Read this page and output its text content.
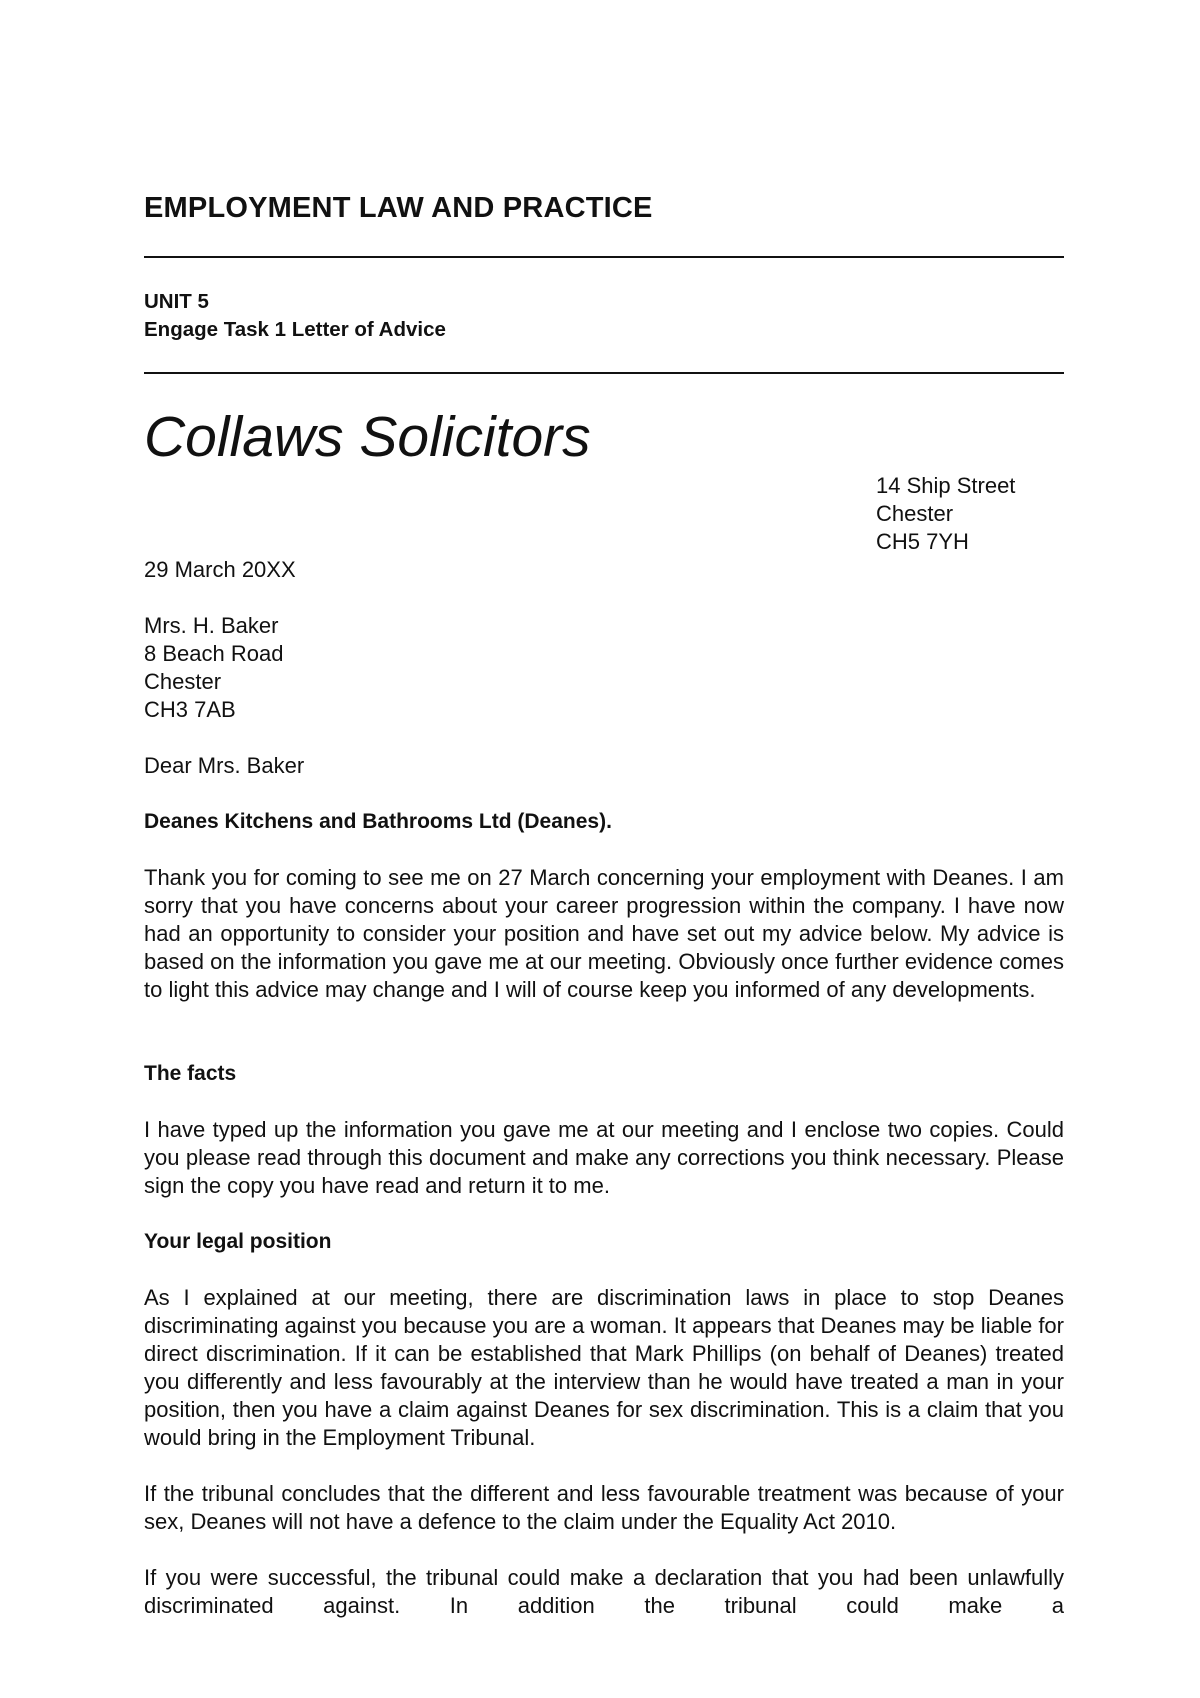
EMPLOYMENT LAW AND PRACTICE
UNIT 5
Engage Task 1 Letter of Advice
Collaws Solicitors
14 Ship Street
Chester
CH5 7YH
29 March 20XX
Mrs. H. Baker
8 Beach Road
Chester
CH3 7AB
Dear Mrs. Baker
Deanes Kitchens and Bathrooms Ltd (Deanes).
Thank you for coming to see me on 27 March concerning your employment with Deanes. I am sorry that you have concerns about your career progression within the company. I have now had an opportunity to consider your position and have set out my advice below. My advice is based on the information you gave me at our meeting. Obviously once further evidence comes to light this advice may change and I will of course keep you informed of any developments.
The facts
I have typed up the information you gave me at our meeting and I enclose two copies. Could you please read through this document and make any corrections you think necessary. Please sign the copy you have read and return it to me.
Your legal position
As I explained at our meeting, there are discrimination laws in place to stop Deanes discriminating against you because you are a woman. It appears that Deanes may be liable for direct discrimination. If it can be established that Mark Phillips (on behalf of Deanes) treated you differently and less favourably at the interview than he would have treated a man in your position, then you have a claim against Deanes for sex discrimination. This is a claim that you would bring in the Employment Tribunal.
If the tribunal concludes that the different and less favourable treatment was because of your sex, Deanes will not have a defence to the claim under the Equality Act 2010.
If you were successful, the tribunal could make a declaration that you had been unlawfully discriminated against. In addition the tribunal could make a
